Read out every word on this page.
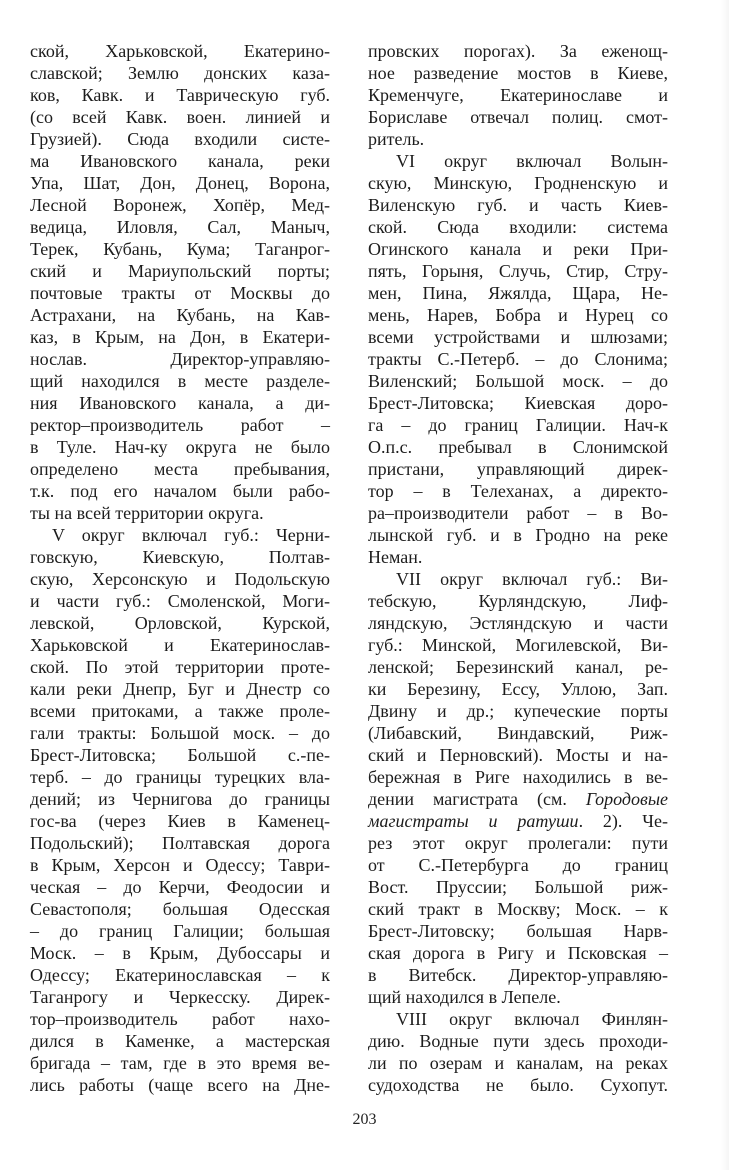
ской, Харьковской, Екатерино-
славской; Землю донских каза-
ков, Кавк. и Таврическую губ.
(со всей Кавк. воен. линией и
Грузией). Сюда входили систе-
ма Ивановского канала, реки
Упа, Шат, Дон, Донец, Ворона,
Лесной Воронеж, Хопёр, Мед-
ведица, Иловля, Сал, Маныч,
Терек, Кубань, Кума; Таганрог-
ский и Мариупольский порты;
почтовые тракты от Москвы до
Астрахани, на Кубань, на Кав-
каз, в Крым, на Дон, в Екатери-
нослав. Директор-управляю-
щий находился в месте разделе-
ния Ивановского канала, а ди-
ректор–производитель работ –
в Туле. Нач-ку округа не было
определено места пребывания,
т.к. под его началом были рабо-
ты на всей территории округа.
V округ включал губ.: Черни-
говскую, Киевскую, Полтав-
скую, Херсонскую и Подольскую
и части губ.: Смоленской, Моги-
левской, Орловской, Курской,
Харьковской и Екатеринослав-
ской. По этой территории проте-
кали реки Днепр, Буг и Днестр со
всеми притоками, а также проле-
гали тракты: Большой моск. – до
Брест-Литовска; Большой с.-пе-
терб. – до границы турецких вла-
дений; из Чернигова до границы
гос-ва (через Киев в Каменец-
Подольский); Полтавская дорога
в Крым, Херсон и Одессу; Таври-
ческая – до Керчи, Феодосии и
Севастополя; большая Одесская
– до границ Галиции; большая
Моск. – в Крым, Дубоссары и
Одессу; Екатеринославская – к
Таганрогу и Черкесску. Дирек-
тор–производитель работ нахо-
дился в Каменке, а мастерская
бригада – там, где в это время ве-
лись работы (чаще всего на Дне-
провских порогах). За еженощ-
ное разведение мостов в Киеве,
Кременчуге, Екатеринославе и
Бориславе отвечал полиц. смот-
ритель.
VI округ включал Волын-
скую, Минскую, Гродненскую и
Виленскую губ. и часть Киев-
ской. Сюда входили: система
Огинского канала и реки При-
пять, Горыня, Случь, Стир, Стру-
мен, Пина, Яжялда, Щара, Не-
мень, Нарев, Бобра и Нурец со
всеми устройствами и шлюзами;
тракты С.-Петерб. – до Слонима;
Виленский; Большой моск. – до
Брест-Литовска; Киевская доро-
га – до границ Галиции. Нач-к
О.п.с. пребывал в Слонимской
пристани, управляющий дирек-
тор – в Телеханах, а директо-
ра–производители работ – в Во-
лынской губ. и в Гродно на реке
Неман.
VII округ включал губ.: Ви-
тебскую, Курляндскую, Лиф-
ляндскую, Эстляндскую и части
губ.: Минской, Могилевской, Ви-
ленской; Березинский канал, ре-
ки Березину, Ессу, Уллою, Зап.
Двину и др.; купеческие порты
(Либавский, Виндавский, Риж-
ский и Перновский). Мосты и на-
бережная в Риге находились в ве-
дении магистрата (см. Городовые
магистраты и ратуши. 2). Че-
рез этот округ пролегали: пути
от С.-Петербурга до границ
Вост. Пруссии; Большой риж-
ский тракт в Москву; Моск. – к
Брест-Литовску; большая Нарв-
ская дорога в Ригу и Псковская –
в Витебск. Директор-управляю-
щий находился в Лепеле.
VIII округ включал Финлян-
дию. Водные пути здесь проходи-
ли по озерам и каналам, на реках
судоходства не было. Сухопут.
203
